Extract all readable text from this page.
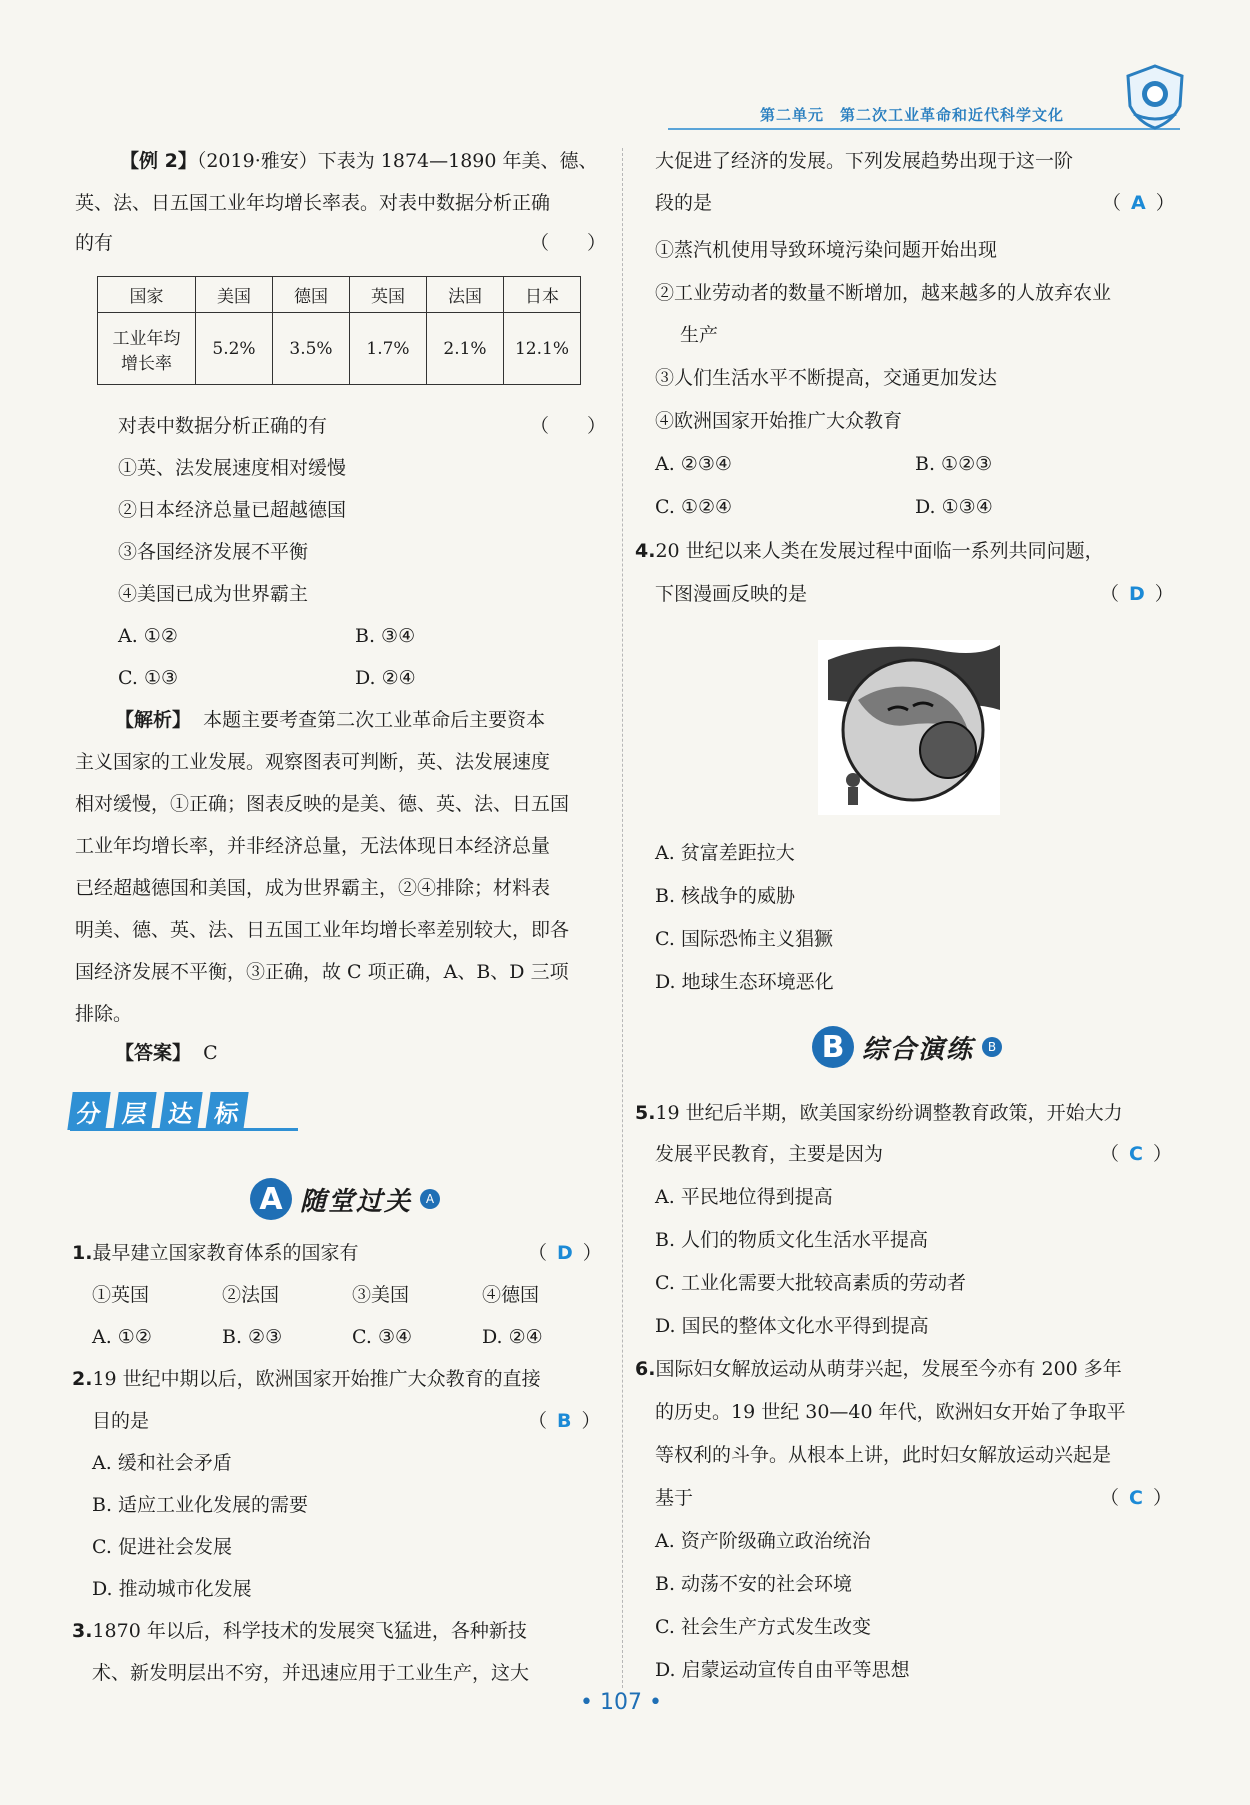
第二单元　第二次工业革命和近代科学文化
【例 2】（2019·雅安）下表为 1874—1890 年美、德、
英、法、日五国工业年均增长率表。对表中数据分析正确
的有	（　　）
国家	美国	德国	英国	法国	日本

工业年均
增长率	5.2%	3.5%	1.7%	2.1%	12.1%
对表中数据分析正确的有	（　　）
①英、法发展速度相对缓慢
②日本经济总量已超越德国
③各国经济发展不平衡
④美国已成为世界霸主
A. ①②	B. ③④
C. ①③	D. ②④
【解析】 本题主要考查第二次工业革命后主要资本
主义国家的工业发展。观察图表可判断，英、法发展速度
相对缓慢，①正确；图表反映的是美、德、英、法、日五国
工业年均增长率，并非经济总量，无法体现日本经济总量
已经超越德国和美国，成为世界霸主，②④排除；材料表
明美、德、英、法、日五国工业年均增长率差别较大，即各
国经济发展不平衡，③正确，故 C 项正确，A、B、D 三项
排除。
【答案】 C
分 层 达 标
A 随堂过关	A
1.最早建立国家教育体系的国家有	（ D ）
①英国	②法国	③美国	④德国
A. ①②	B. ②③	C. ③④	D. ②④
2.19 世纪中期以后，欧洲国家开始推广大众教育的直接
目的是	（ B ）
A. 缓和社会矛盾
B. 适应工业化发展的需要
C. 促进社会发展
D. 推动城市化发展
3.1870 年以后，科学技术的发展突飞猛进，各种新技
术、新发明层出不穷，并迅速应用于工业生产，这大
大促进了经济的发展。下列发展趋势出现于这一阶
段的是	（ A ）
①蒸汽机使用导致环境污染问题开始出现
②工业劳动者的数量不断增加，越来越多的人放弃农业
生产
③人们生活水平不断提高，交通更加发达
④欧洲国家开始推广大众教育
A. ②③④	B. ①②③
C. ①②④	D. ①③④
4.20 世纪以来人类在发展过程中面临一系列共同问题，
下图漫画反映的是	（ D ）
A. 贫富差距拉大
B. 核战争的威胁
C. 国际恐怖主义猖獗
D. 地球生态环境恶化
B 综合演练	B
5.19 世纪后半期，欧美国家纷纷调整教育政策，开始大力
发展平民教育，主要是因为	（ C ）
A. 平民地位得到提高
B. 人们的物质文化生活水平提高
C. 工业化需要大批较高素质的劳动者
D. 国民的整体文化水平得到提高
6.国际妇女解放运动从萌芽兴起，发展至今亦有 200 多年
的历史。19 世纪 30—40 年代，欧洲妇女开始了争取平
等权利的斗争。从根本上讲，此时妇女解放运动兴起是
基于	（ C ）
A. 资产阶级确立政治统治
B. 动荡不安的社会环境
C. 社会生产方式发生改变
D. 启蒙运动宣传自由平等思想
• 107 •
